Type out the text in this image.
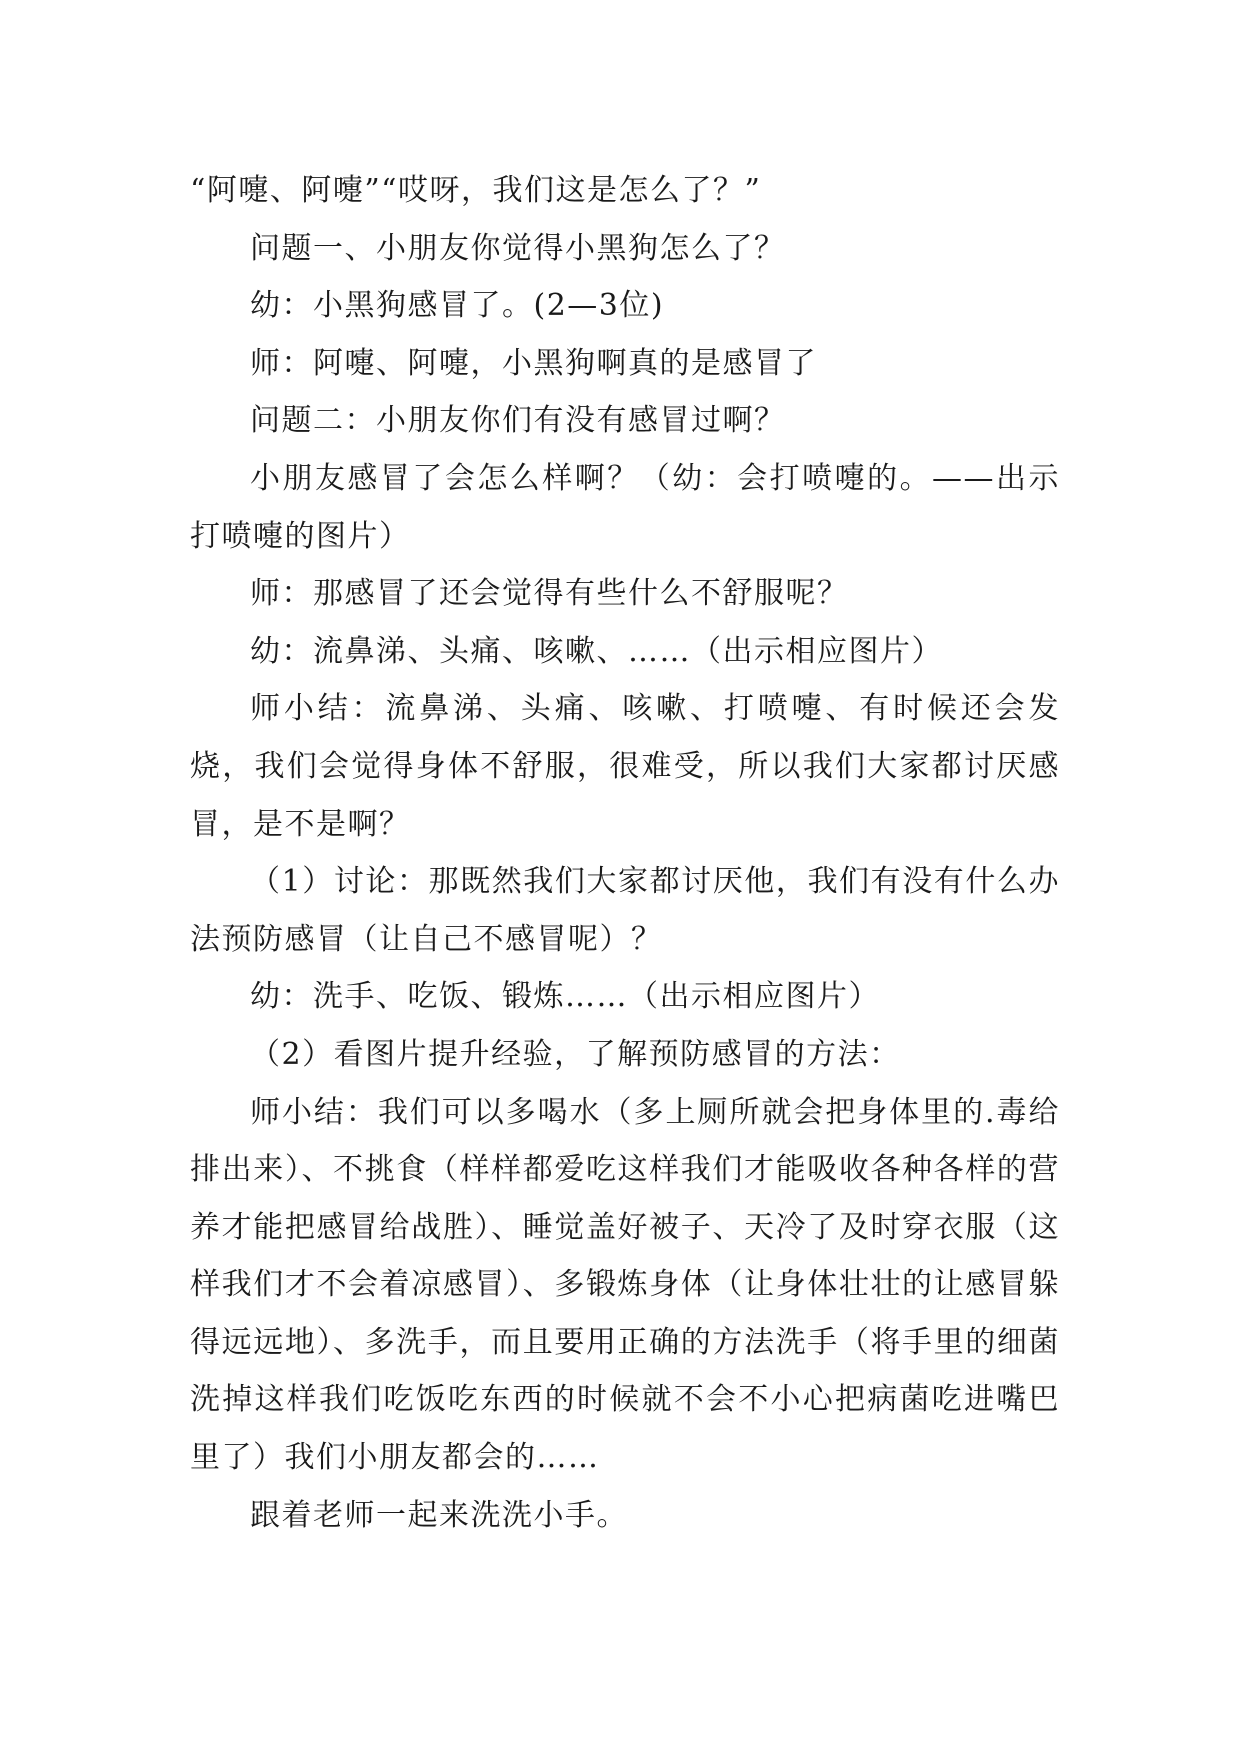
“阿嚏、阿嚏”“哎呀，我们这是怎么了？”

问题一、小朋友你觉得小黑狗怎么了？

幼：小黑狗感冒了。(2—3位)

师：阿嚏、阿嚏，小黑狗啊真的是感冒了

问题二：小朋友你们有没有感冒过啊？

小朋友感冒了会怎么样啊？（幼：会打喷嚏的。——出示打喷嚏的图片）

师：那感冒了还会觉得有些什么不舒服呢？

幼：流鼻涕、头痛、咳嗽、……（出示相应图片）

师小结：流鼻涕、头痛、咳嗽、打喷嚏、有时候还会发烧，我们会觉得身体不舒服，很难受，所以我们大家都讨厌感冒，是不是啊？

（1）讨论：那既然我们大家都讨厌他，我们有没有什么办法预防感冒（让自己不感冒呢）？

幼：洗手、吃饭、锻炼……（出示相应图片）

（2）看图片提升经验，了解预防感冒的方法：

师小结：我们可以多喝水（多上厕所就会把身体里的.毒给排出来）、不挑食（样样都爱吃这样我们才能吸收各种各样的营养才能把感冒给战胜）、睡觉盖好被子、天冷了及时穿衣服（这样我们才不会着凉感冒）、多锻炼身体（让身体壮壮的让感冒躲得远远地）、多洗手，而且要用正确的方法洗手（将手里的细菌洗掉这样我们吃饭吃东西的时候就不会不小心把病菌吃进嘴巴里了）我们小朋友都会的……

跟着老师一起来洗洗小手。
